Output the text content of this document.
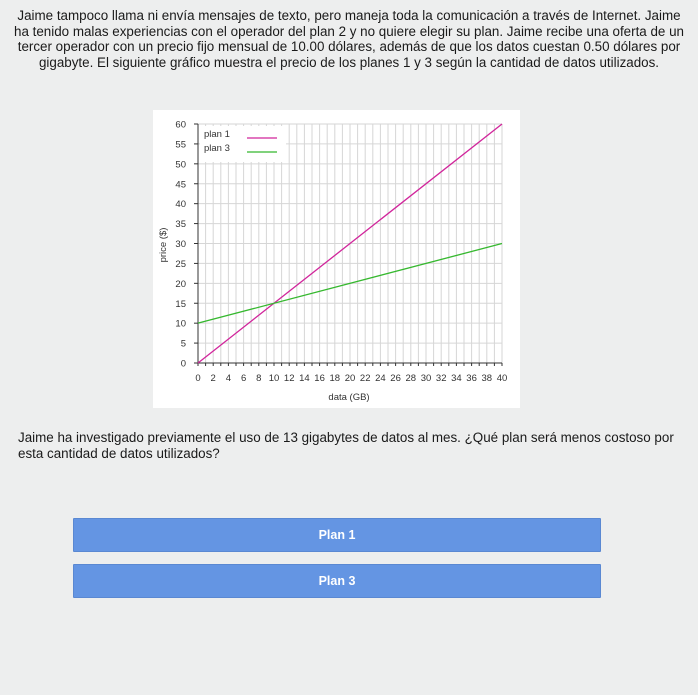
Jaime tampoco llama ni envía mensajes de texto, pero maneja toda la comunicación a través de Internet. Jaime ha tenido malas experiencias con el operador del plan 2 y no quiere elegir su plan. Jaime recibe una oferta de un tercer operador con un precio fijo mensual de 10.00 dólares, además de que los datos cuestan 0.50 dólares por gigabyte. El siguiente gráfico muestra el precio de los planes 1 y 3 según la cantidad de datos utilizados.
0 2 4 6 8 10 12 14 16 18 20 22 24 26 28 30 32 34 36 38 40
0
5
10
15
20
25
30
35
40
45
50
55
60
plan 1
plan 3
data (GB)
price ($)
Jaime ha investigado previamente el uso de 13 gigabytes de datos al mes. ¿Qué plan será menos costoso por esta cantidad de datos utilizados?
Plan 1
Plan 3
